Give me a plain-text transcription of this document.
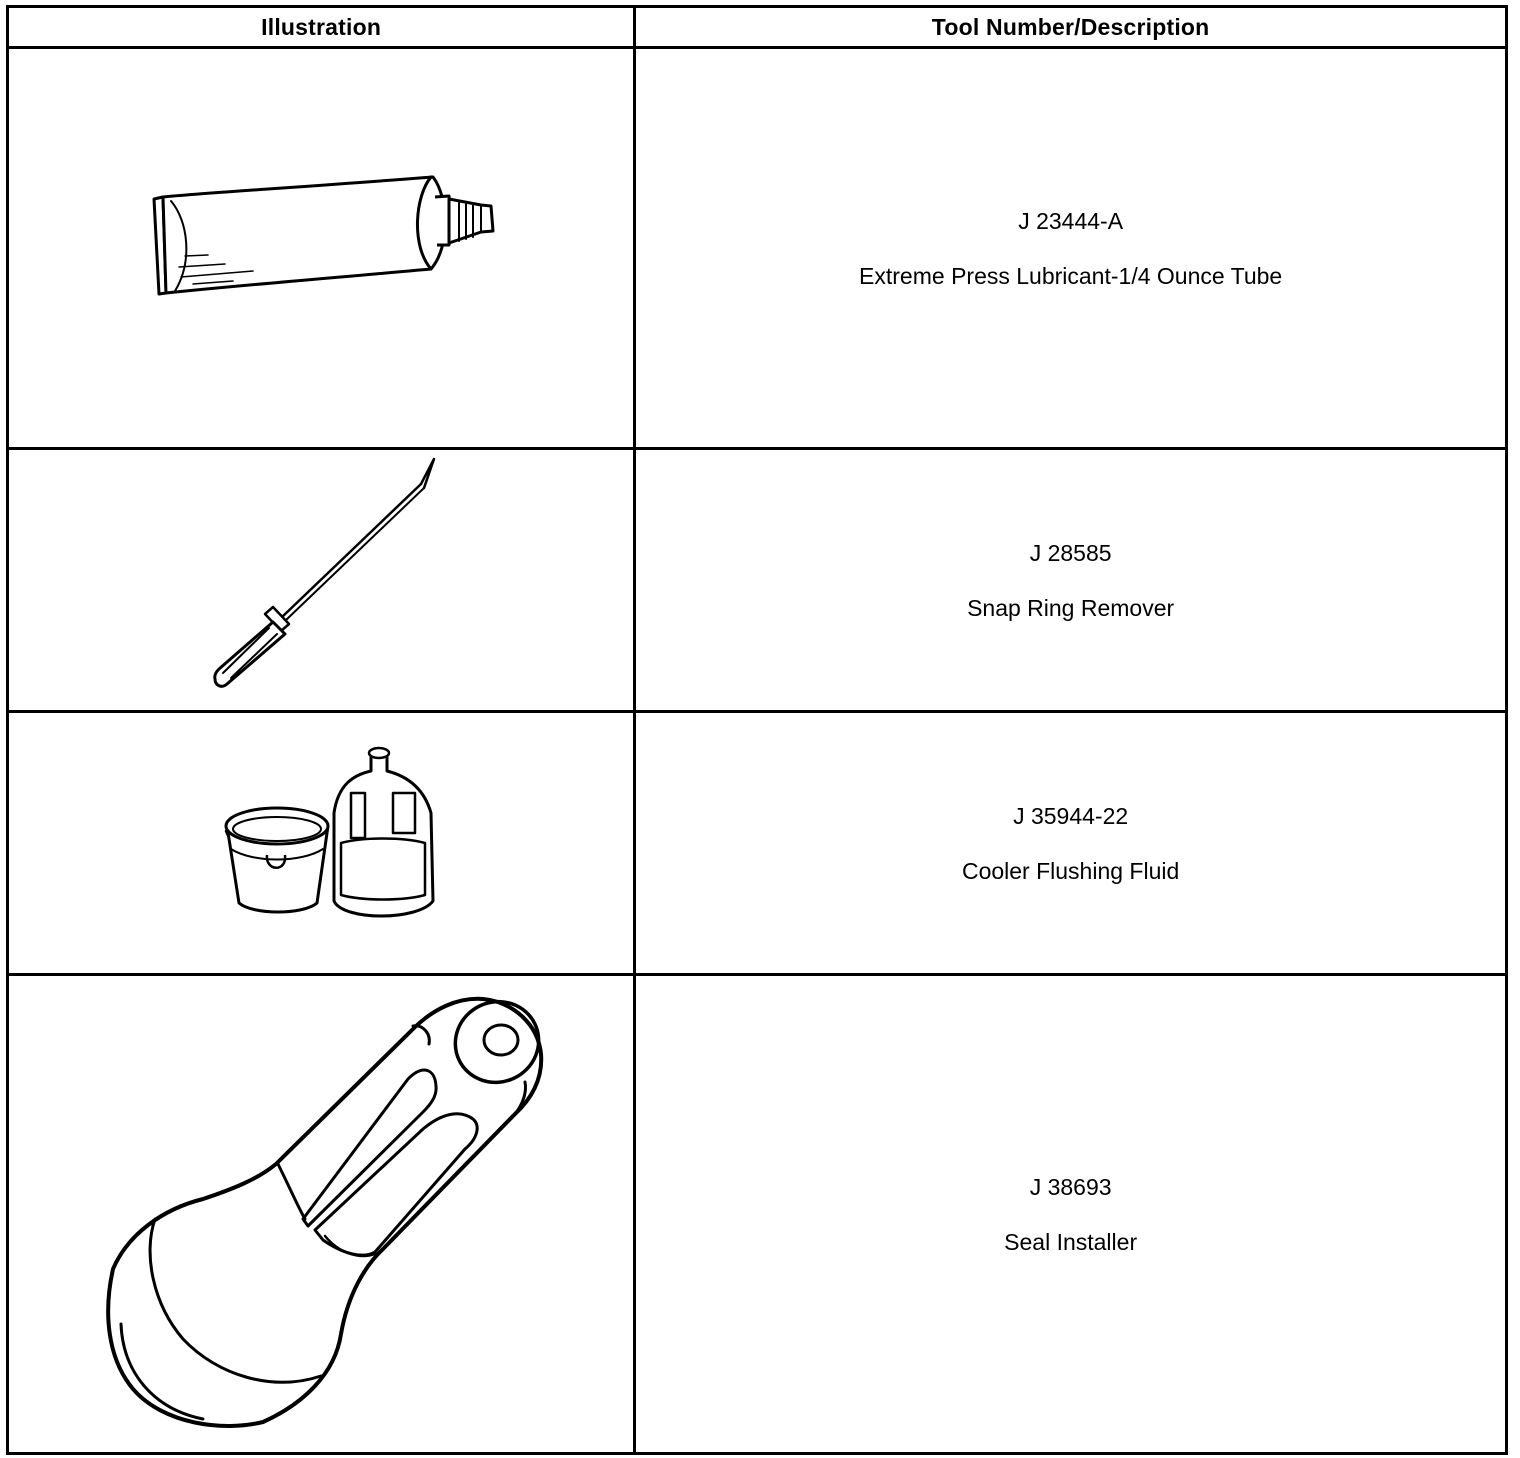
Illustration	Tool Number/Description

J 23444-A
Extreme Press Lubricant-1/4 Ounce Tube

J 28585
Snap Ring Remover

J 35944-22
Cooler Flushing Fluid

J 38693
Seal Installer
